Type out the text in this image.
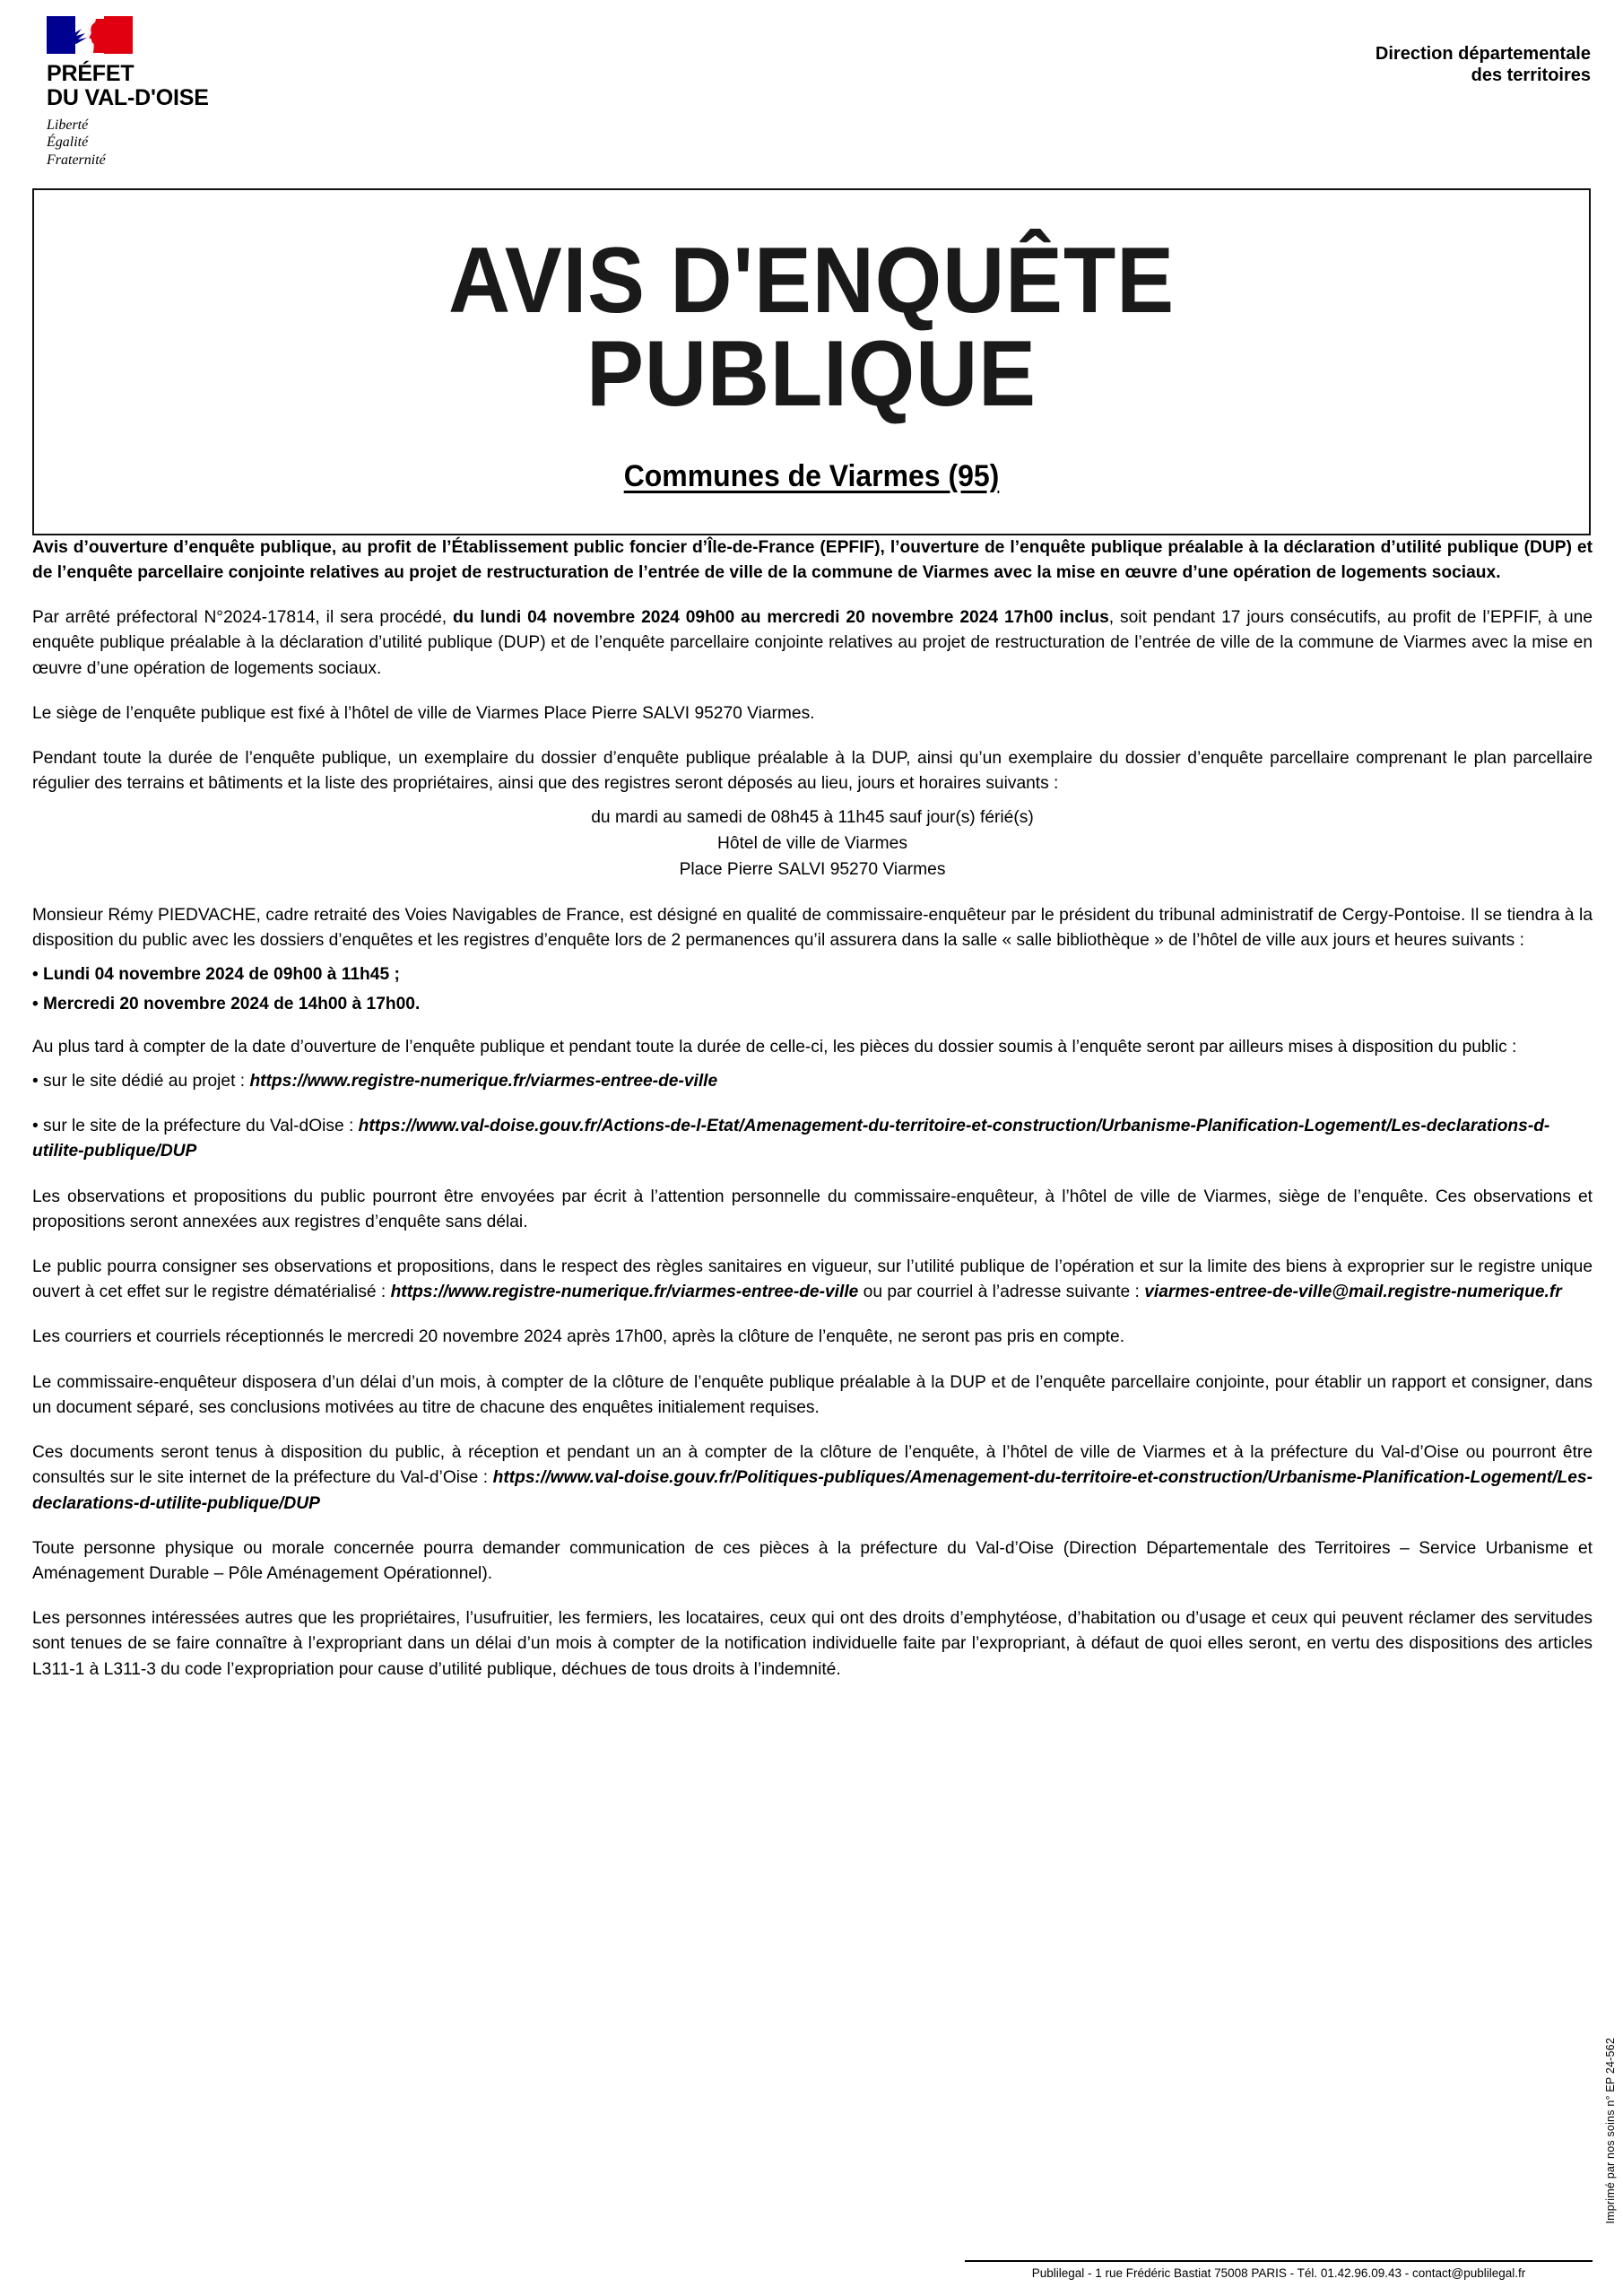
PRÉFET
DU VAL-D'OISE
Liberté
Égalité
Fraternité
Direction départementale
des territoires
AVIS D'ENQUÊTE
PUBLIQUE
Communes de Viarmes (95)

Avis d’ouverture d’enquête publique, au profit de l’Établissement public foncier d’Île-de-France (EPFIF), l’ouverture de l’enquête publique préalable à la déclaration d’utilité publique (DUP) et de l’enquête parcellaire conjointe relatives au projet de restructuration de l’entrée de ville de la commune de Viarmes avec la mise en œuvre d’une opération de logements sociaux.

Par arrêté préfectoral N°2024-17814, il sera procédé, du lundi 04 novembre 2024 09h00 au mercredi 20 novembre 2024 17h00 inclus, soit pendant 17 jours consécutifs, au profit de l’EPFIF, à une enquête publique préalable à la déclaration d’utilité publique (DUP) et de l’enquête parcellaire conjointe relatives au projet de restructuration de l’entrée de ville de la commune de Viarmes avec la mise en œuvre d’une opération de logements sociaux.

Le siège de l’enquête publique est fixé à l’hôtel de ville de Viarmes Place Pierre SALVI 95270 Viarmes.

Pendant toute la durée de l’enquête publique, un exemplaire du dossier d’enquête publique préalable à la DUP, ainsi qu’un exemplaire du dossier d’enquête parcellaire comprenant le plan parcellaire régulier des terrains et bâtiments et la liste des propriétaires, ainsi que des registres seront déposés au lieu, jours et horaires suivants :

du mardi au samedi de 08h45 à 11h45 sauf jour(s) férié(s)
Hôtel de ville de Viarmes
Place Pierre SALVI 95270 Viarmes

Monsieur Rémy PIEDVACHE, cadre retraité des Voies Navigables de France, est désigné en qualité de commissaire-enquêteur par le président du tribunal administratif de Cergy-Pontoise. Il se tiendra à la disposition du public avec les dossiers d’enquêtes et les registres d’enquête lors de 2 permanences qu’il assurera dans la salle « salle bibliothèque » de l’hôtel de ville aux jours et heures suivants :

• Lundi 04 novembre 2024 de 09h00 à 11h45 ;
• Mercredi 20 novembre 2024 de 14h00 à 17h00.

Au plus tard à compter de la date d’ouverture de l’enquête publique et pendant toute la durée de celle-ci, les pièces du dossier soumis à l’enquête seront par ailleurs mises à disposition du public :

• sur le site dédié au projet : https://www.registre-numerique.fr/viarmes-entree-de-ville

• sur le site de la préfecture du Val-dOise : https://www.val-doise.gouv.fr/Actions-de-l-Etat/Amenagement-du-territoire-et-construction/Urbanisme-Planification-Logement/Les-declarations-d-utilite-publique/DUP

Les observations et propositions du public pourront être envoyées par écrit à l’attention personnelle du commissaire-enquêteur, à l’hôtel de ville de Viarmes, siège de l’enquête. Ces observations et propositions seront annexées aux registres d’enquête sans délai.

Le public pourra consigner ses observations et propositions, dans le respect des règles sanitaires en vigueur, sur l’utilité publique de l’opération et sur la limite des biens à exproprier sur le registre unique ouvert à cet effet sur le registre dématérialisé : https://www.registre-numerique.fr/viarmes-entree-de-ville ou par courriel à l’adresse suivante : viarmes-entree-de-ville@mail.registre-numerique.fr

Les courriers et courriels réceptionnés le mercredi 20 novembre 2024 après 17h00, après la clôture de l’enquête, ne seront pas pris en compte.

Le commissaire-enquêteur disposera d’un délai d’un mois, à compter de la clôture de l’enquête publique préalable à la DUP et de l’enquête parcellaire conjointe, pour établir un rapport et consigner, dans un document séparé, ses conclusions motivées au titre de chacune des enquêtes initialement requises.

Ces documents seront tenus à disposition du public, à réception et pendant un an à compter de la clôture de l’enquête, à l’hôtel de ville de Viarmes et à la préfecture du Val-d’Oise ou pourront être consultés sur le site internet de la préfecture du Val-d’Oise : https://www.val-doise.gouv.fr/Politiques-publiques/Amenagement-du-territoire-et-construction/Urbanisme-Planification-Logement/Les-declarations-d-utilite-publique/DUP

Toute personne physique ou morale concernée pourra demander communication de ces pièces à la préfecture du Val-d’Oise (Direction Départementale des Territoires – Service Urbanisme et Aménagement Durable – Pôle Aménagement Opérationnel).

Les personnes intéressées autres que les propriétaires, l’usufruitier, les fermiers, les locataires, ceux qui ont des droits d’emphytéose, d’habitation ou d’usage et ceux qui peuvent réclamer des servitudes sont tenues de se faire connaître à l’expropriant dans un délai d’un mois à compter de la notification individuelle faite par l’expropriant, à défaut de quoi elles seront, en vertu des dispositions des articles L311-1 à L311-3 du code l’expropriation pour cause d’utilité publique, déchues de tous droits à l’indemnité.

Imprimé par nos soins n° EP 24-562
Publilegal - 1 rue Frédéric Bastiat 75008 PARIS - Tél. 01.42.96.09.43 - contact@publilegal.fr
